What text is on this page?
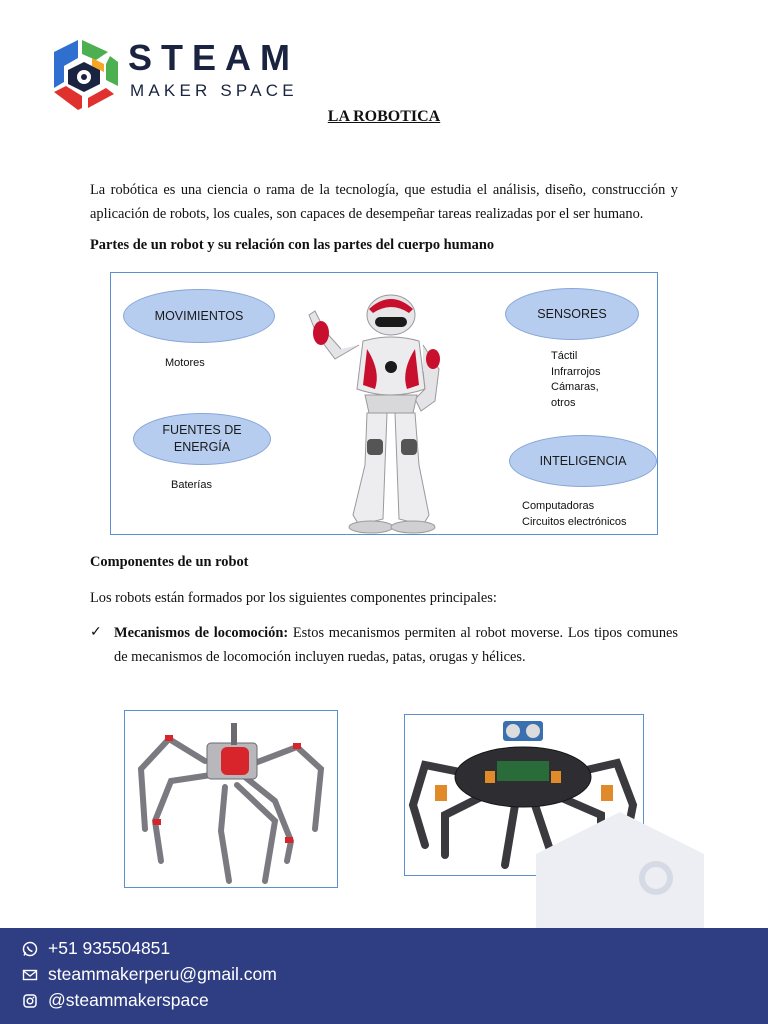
STEAM
MAKER SPACE
LA ROBOTICA
La robótica es una ciencia o rama de la tecnología, que estudia el análisis, diseño, construcción y aplicación de robots, los cuales, son capaces de desempeñar tareas realizadas por el ser humano.
Partes de un robot y su relación con las partes del cuerpo humano
MOVIMIENTOS
Motores
FUENTES DE
ENERGÍA
Baterías
SENSORES
Táctil
Infrarrojos
Cámaras,
otros
INTELIGENCIA
Computadoras
Circuitos electrónicos
Componentes de un robot
Los robots están formados por los siguientes componentes principales:
✓ Mecanismos de locomoción: Estos mecanismos permiten al robot moverse. Los tipos comunes de mecanismos de locomoción incluyen ruedas, patas, orugas y hélices.
+51 935504851
steammakerperu@gmail.com
@steammakerspace
